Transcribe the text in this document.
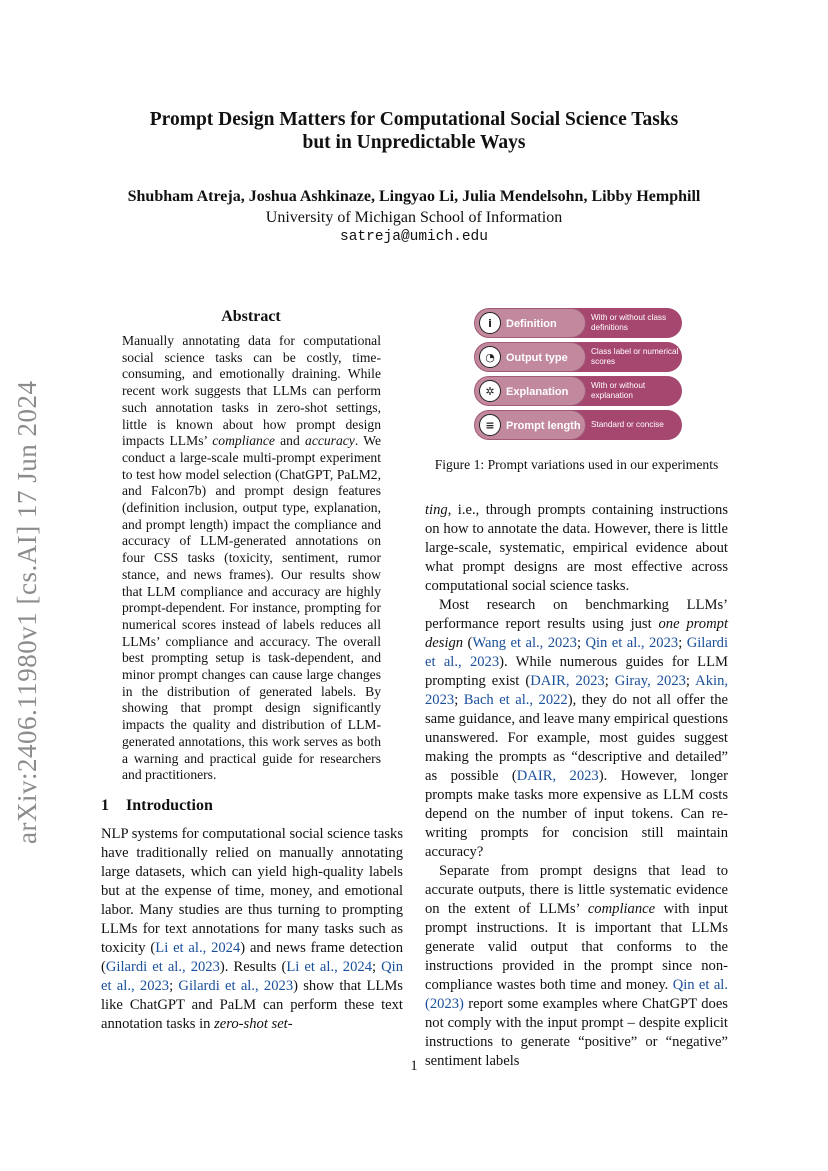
arXiv:2406.11980v1 [cs.AI] 17 Jun 2024
Prompt Design Matters for Computational Social Science Tasks
but in Unpredictable Ways
Shubham Atreja, Joshua Ashkinaze, Lingyao Li, Julia Mendelsohn, Libby Hemphill
University of Michigan School of Information
satreja@umich.edu
Abstract
Manually annotating data for computational social science tasks can be costly, time-consuming, and emotionally draining. While recent work suggests that LLMs can perform such annotation tasks in zero-shot settings, little is known about how prompt design impacts LLMs’ compliance and accuracy. We conduct a large-scale multi-prompt experiment to test how model selection (ChatGPT, PaLM2, and Falcon7b) and prompt design features (definition inclusion, output type, explanation, and prompt length) impact the compliance and accuracy of LLM-generated annotations on four CSS tasks (toxicity, sentiment, rumor stance, and news frames). Our results show that LLM compliance and accuracy are highly prompt-dependent. For instance, prompting for numerical scores instead of labels reduces all LLMs’ compliance and accuracy. The overall best prompting setup is task-dependent, and minor prompt changes can cause large changes in the distribution of generated labels. By showing that prompt design significantly impacts the quality and distribution of LLM-generated annotations, this work serves as both a warning and practical guide for researchers and practitioners.
1 Introduction

NLP systems for computational social science tasks have traditionally relied on manually annotating large datasets, which can yield high-quality labels but at the expense of time, money, and emotional labor. Many studies are thus turning to prompting LLMs for text annotations for many tasks such as toxicity (Li et al., 2024) and news frame detection (Gilardi et al., 2023). Results (Li et al., 2024; Qin et al., 2023; Gilardi et al., 2023) show that LLMs like ChatGPT and PaLM can perform these text annotation tasks in zero-shot set-

i	Definition
With or without class definitions
◔	Output type
Class label or numerical scores
✲	Explanation
With or without explanation
≡	Prompt length Standard or concise
Figure 1: Prompt variations used in our experiments

ting, i.e., through prompts containing instructions on how to annotate the data. However, there is little large-scale, systematic, empirical evidence about what prompt designs are most effective across computational social science tasks.

Most research on benchmarking LLMs’ performance report results using just one prompt design (Wang et al., 2023; Qin et al., 2023; Gilardi et al., 2023). While numerous guides for LLM prompting exist (DAIR, 2023; Giray, 2023; Akin, 2023; Bach et al., 2022), they do not all offer the same guidance, and leave many empirical questions unanswered. For example, most guides suggest making the prompts as “descriptive and detailed” as possible (DAIR, 2023). However, longer prompts make tasks more expensive as LLM costs depend on the number of input tokens. Can re-writing prompts for concision still maintain accuracy?

Separate from prompt designs that lead to accurate outputs, there is little systematic evidence on the extent of LLMs’ compliance with input prompt instructions. It is important that LLMs generate valid output that conforms to the instructions provided in the prompt since non-compliance wastes both time and money. Qin et al. (2023) report some examples where ChatGPT does not comply with the input prompt – despite explicit instructions to generate “positive” or “negative” sentiment labels

1
